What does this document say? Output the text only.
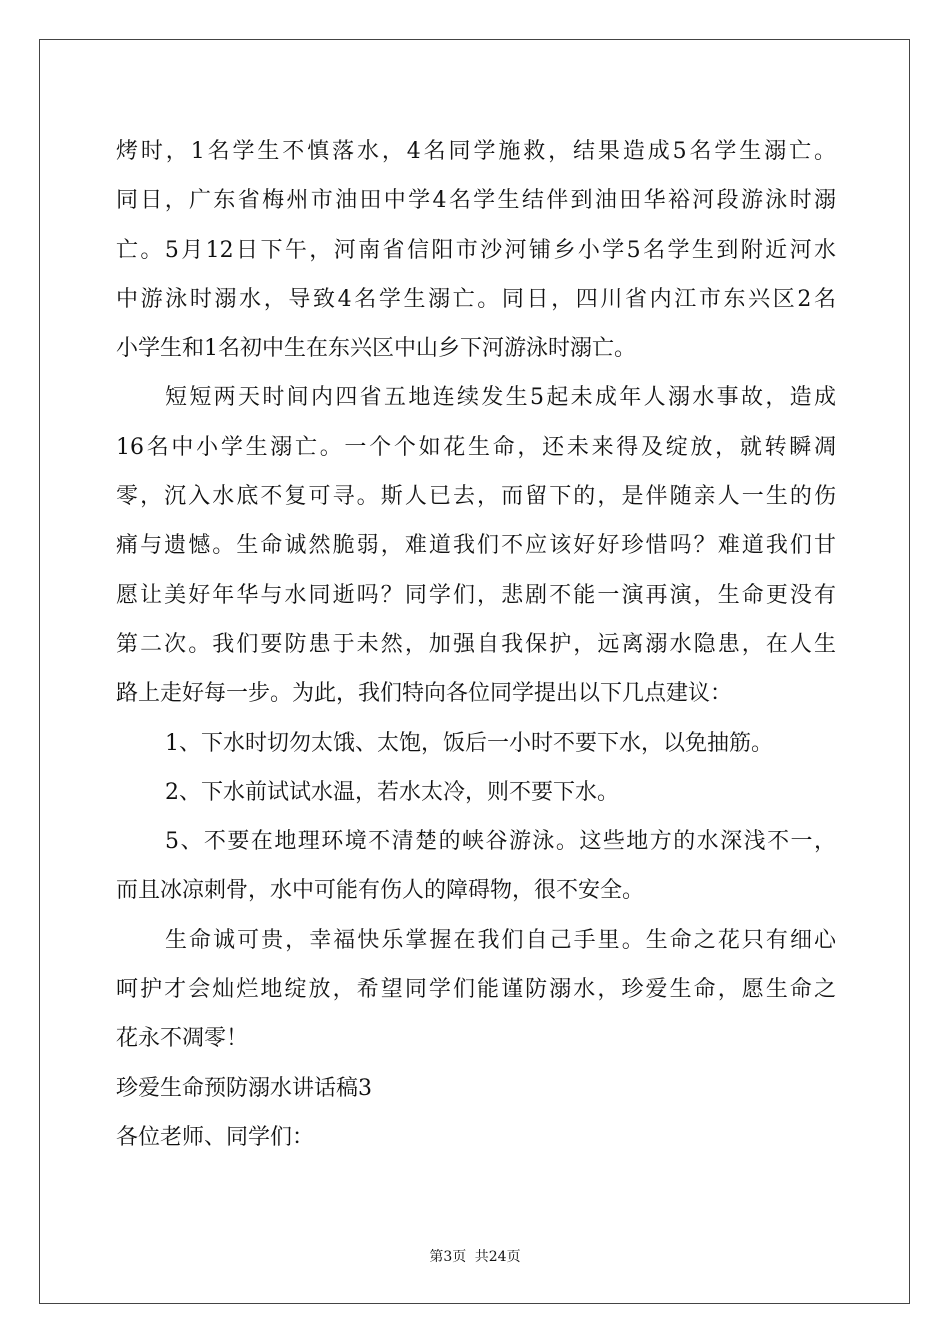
烤时，1名学生不慎落水，4名同学施救，结果造成5名学生溺亡。
同日，广东省梅州市油田中学4名学生结伴到油田华裕河段游泳时溺
亡。5月12日下午，河南省信阳市沙河铺乡小学5名学生到附近河水
中游泳时溺水，导致4名学生溺亡。同日，四川省内江市东兴区2名
小学生和1名初中生在东兴区中山乡下河游泳时溺亡。
短短两天时间内四省五地连续发生5起未成年人溺水事故，造成
16名中小学生溺亡。一个个如花生命，还未来得及绽放，就转瞬凋
零，沉入水底不复可寻。斯人已去，而留下的，是伴随亲人一生的伤
痛与遗憾。生命诚然脆弱，难道我们不应该好好珍惜吗？难道我们甘
愿让美好年华与水同逝吗？同学们，悲剧不能一演再演，生命更没有
第二次。我们要防患于未然，加强自我保护，远离溺水隐患，在人生
路上走好每一步。为此，我们特向各位同学提出以下几点建议：
1、下水时切勿太饿、太饱，饭后一小时不要下水，以免抽筋。
2、下水前试试水温，若水太冷，则不要下水。
5、不要在地理环境不清楚的峡谷游泳。这些地方的水深浅不一，
而且冰凉刺骨，水中可能有伤人的障碍物，很不安全。
生命诚可贵，幸福快乐掌握在我们自己手里。生命之花只有细心
呵护才会灿烂地绽放，希望同学们能谨防溺水，珍爱生命，愿生命之
花永不凋零！
珍爱生命预防溺水讲话稿3
各位老师、同学们：
第3页 共24页
